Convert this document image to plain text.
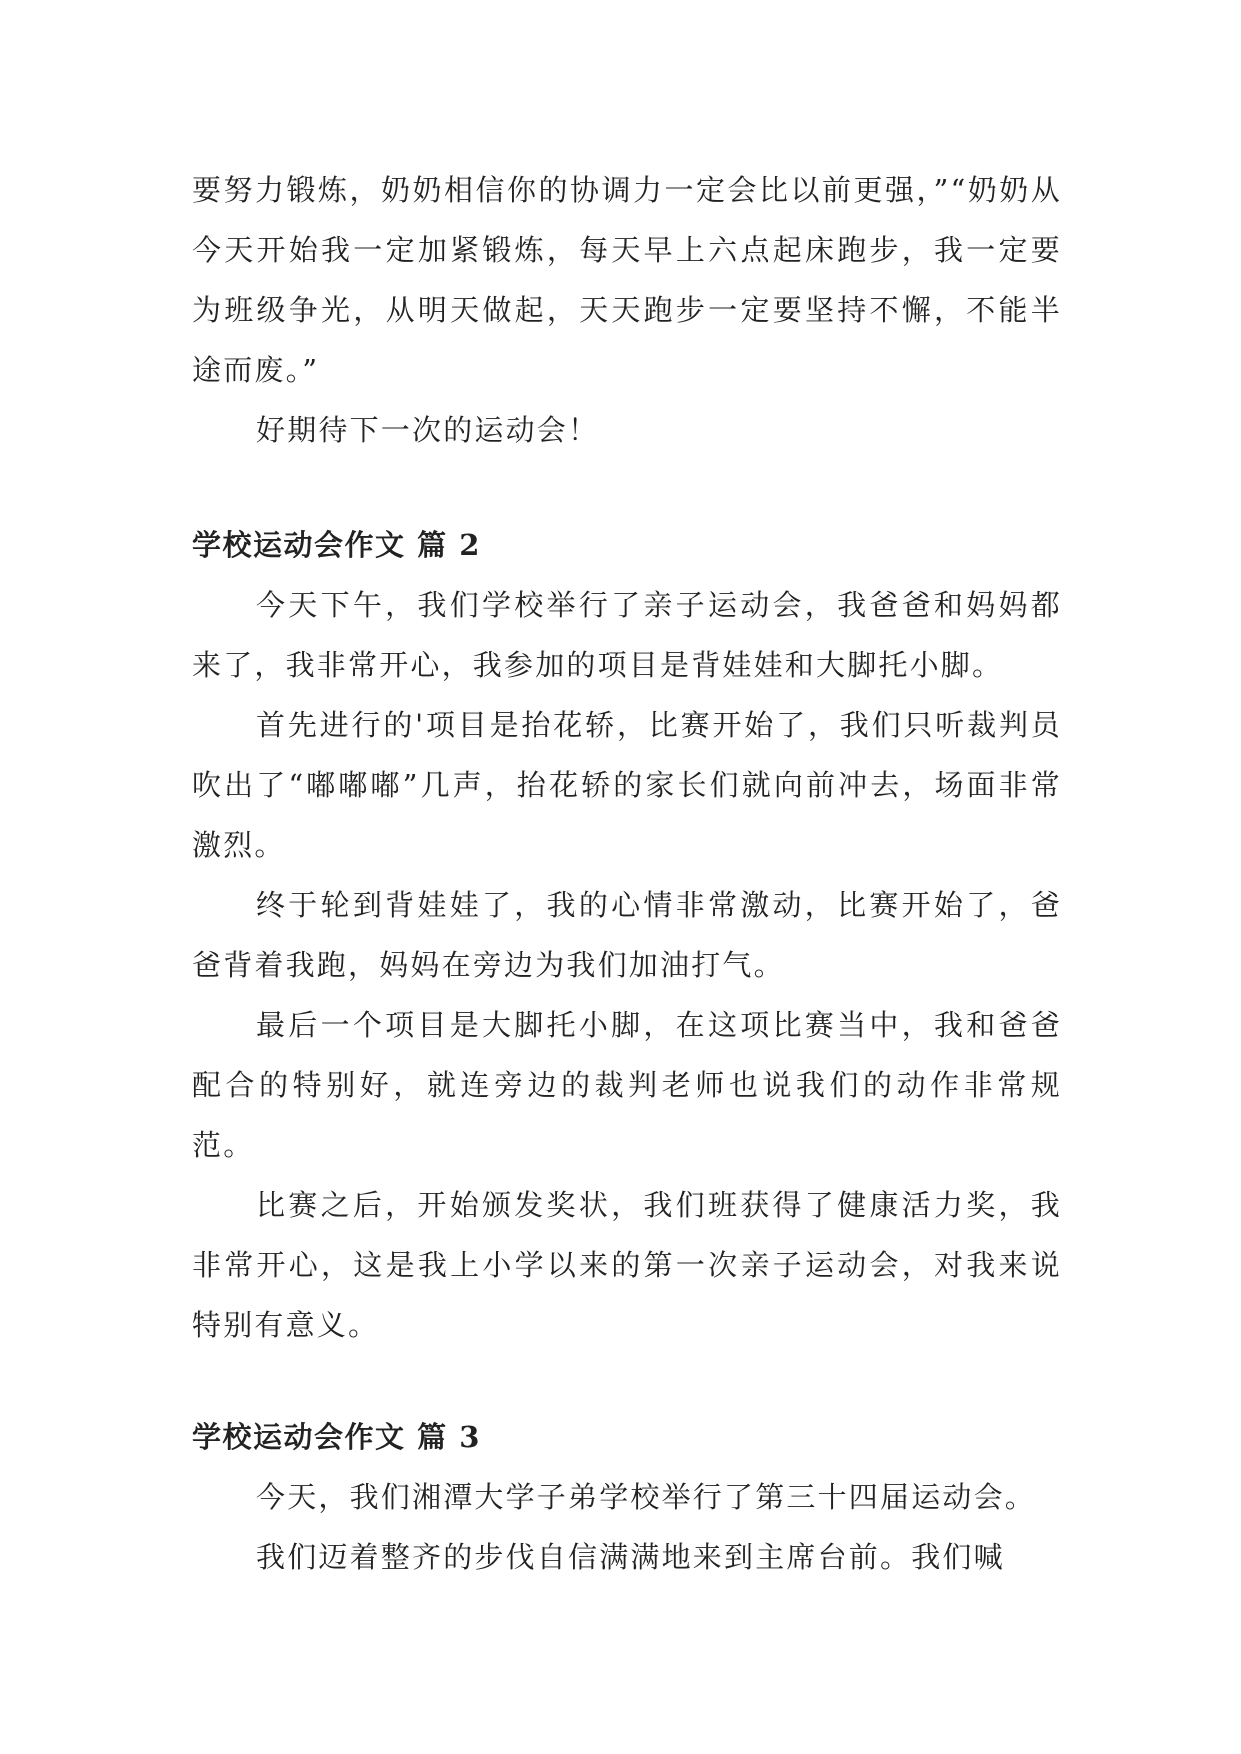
要努力锻炼，奶奶相信你的协调力一定会比以前更强，”“奶奶从今天开始我一定加紧锻炼，每天早上六点起床跑步，我一定要为班级争光，从明天做起，天天跑步一定要坚持不懈，不能半途而废。”

好期待下一次的运动会！

学校运动会作文 篇 2

今天下午，我们学校举行了亲子运动会，我爸爸和妈妈都来了，我非常开心，我参加的项目是背娃娃和大脚托小脚。

首先进行的'项目是抬花轿，比赛开始了，我们只听裁判员吹出了“嘟嘟嘟”几声，抬花轿的家长们就向前冲去，场面非常激烈。

终于轮到背娃娃了，我的心情非常激动，比赛开始了，爸爸背着我跑，妈妈在旁边为我们加油打气。

最后一个项目是大脚托小脚，在这项比赛当中，我和爸爸配合的特别好，就连旁边的裁判老师也说我们的动作非常规范。

比赛之后，开始颁发奖状，我们班获得了健康活力奖，我非常开心，这是我上小学以来的第一次亲子运动会，对我来说特别有意义。

学校运动会作文 篇 3

今天，我们湘潭大学子弟学校举行了第三十四届运动会。

我们迈着整齐的步伐自信满满地来到主席台前。我们喊
